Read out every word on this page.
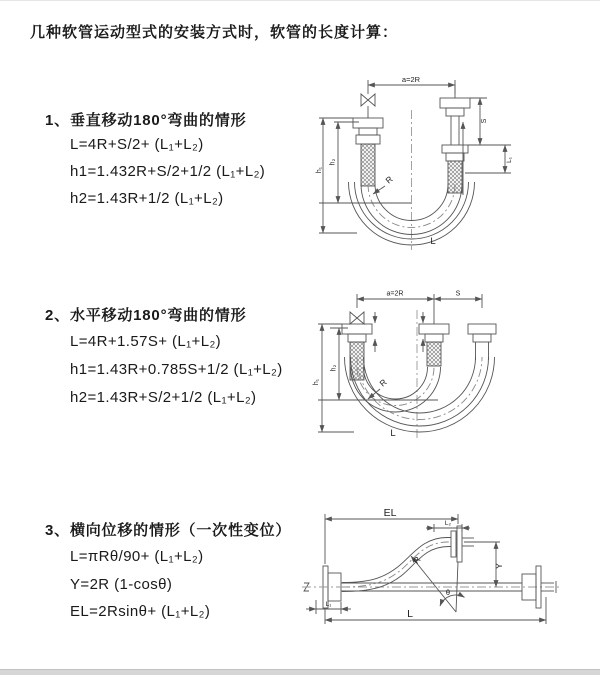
几种软管运动型式的安装方式时，软管的长度计算：
1、垂直移动180°弯曲的情形
L=4R+S/2+ (L₁+L₂)
h1=1.432R+S/2+1/2 (L₁+L₂)
h2=1.43R+1/2 (L₁+L₂)
2、水平移动180°弯曲的情形
L=4R+1.57S+ (L₁+L₂)
h1=1.43R+0.785S+1/2 (L₁+L₂)
h2=1.43R+S/2+1/2 (L₁+L₂)
3、横向位移的情形（一次性变位）
L=πRθ/90+ (L₁+L₂)
Y=2R (1-cosθ)
EL=2Rsinθ+ (L₁+L₂)
a=2R
S
L₁
h₁
h₂
R
L
a=2R	S
h₁
h₂
R
L
EL
L₂
Y
R
θ
L₁
L
